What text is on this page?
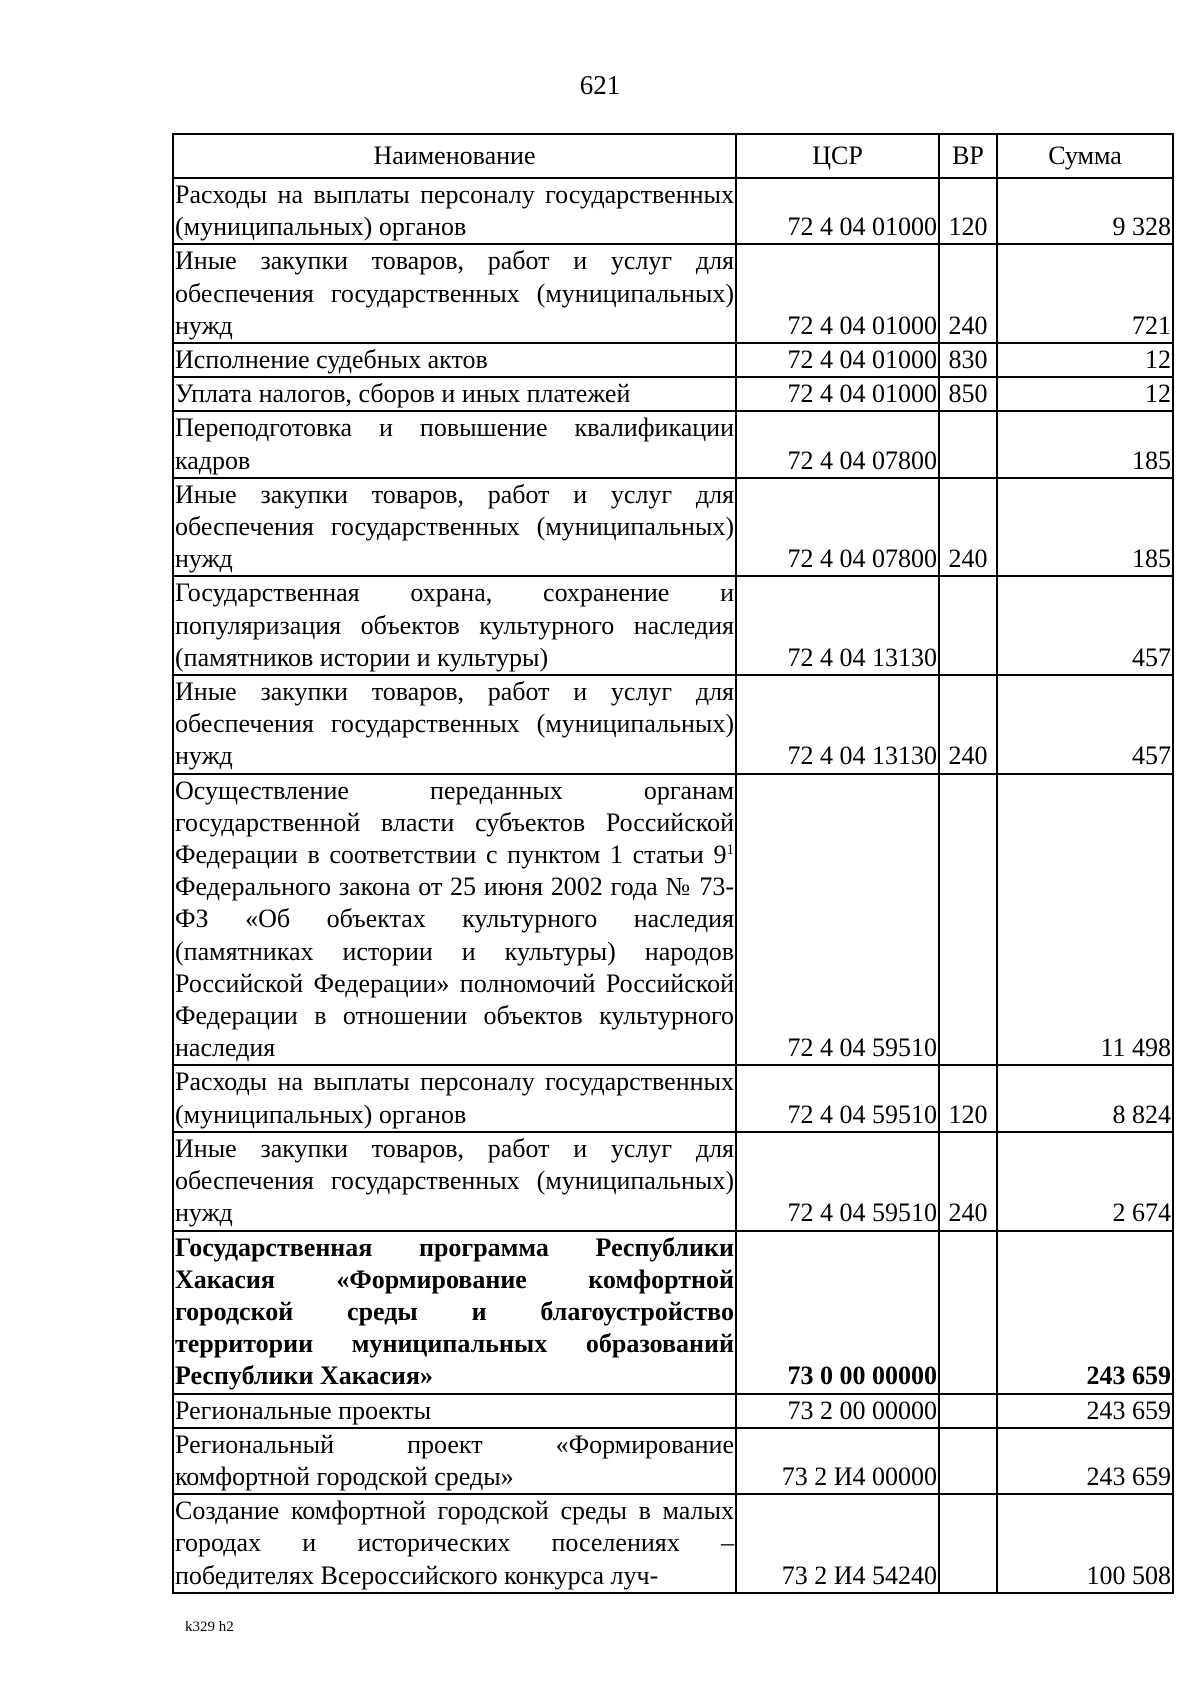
621
Наименование	ЦСР	ВР	Сумма
Расходы на выплаты персоналу государственных (муниципальных) органов	72 4 04 01000	120	9 328
Иные закупки товаров, работ и услуг для обеспечения государственных (муниципальных) нужд	72 4 04 01000	240	721
Исполнение судебных актов	72 4 04 01000	830	12
Уплата налогов, сборов и иных платежей	72 4 04 01000	850	12
Переподготовка и повышение квалификации кадров	72 4 04 07800		185
Иные закупки товаров, работ и услуг для обеспечения государственных (муниципальных) нужд	72 4 04 07800	240	185
Государственная охрана, сохранение и популяризация объектов культурного наследия (памятников истории и культуры)	72 4 04 13130		457
Иные закупки товаров, работ и услуг для обеспечения государственных (муниципальных) нужд	72 4 04 13130	240	457
Осуществление переданных органам государственной власти субъектов Российской Федерации в соответствии с пунктом 1 статьи $9^1$ Федерального закона от 25 июня 2002 года № 73-ФЗ «Об объектах культурного наследия (памятниках истории и культуры) народов Российской Федерации» полномочий Российской Федерации в отношении объектов культурного наследия	72 4 04 59510		11 498
Расходы на выплаты персоналу государственных (муниципальных) органов	72 4 04 59510	120	8 824
Иные закупки товаров, работ и услуг для обеспечения государственных (муниципальных) нужд	72 4 04 59510	240	2 674
Государственная программа Республики Хакасия «Формирование комфортной городской среды и благоустройство территории муниципальных образований Республики Хакасия»	73 0 00 00000		243 659
Региональные проекты	73 2 00 00000		243 659
Региональный проект «Формирование комфортной городской среды»	73 2 И4 00000		243 659
Создание комфортной городской среды в малых городах и исторических поселениях – победителях Всероссийского конкурса луч-	73 2 И4 54240		100 508
k329 h2
